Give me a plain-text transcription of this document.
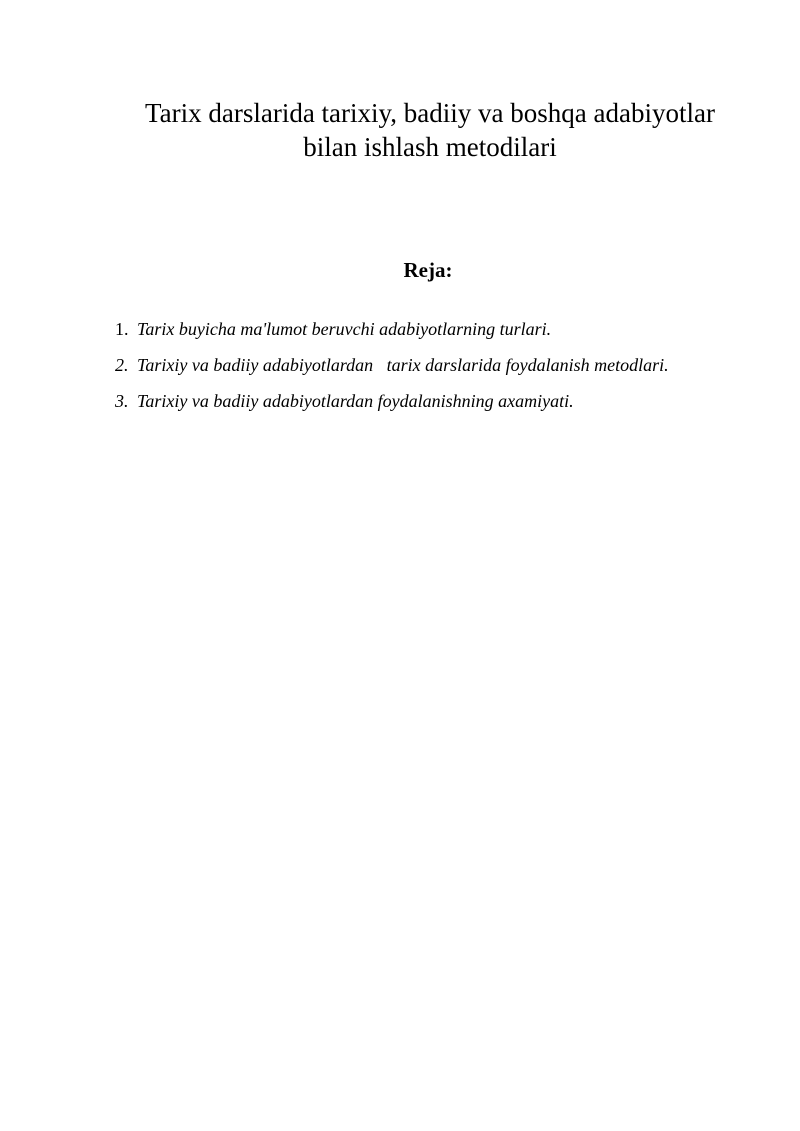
Tarix darslarida tarixiy, badiiy va boshqa adabiyotlar
bilan ishlash metodilari
Reja:
1. Tarix buyicha ma'lumot beruvchi adabiyotlarning turlari.
2. Tarixiy va badiiy adabiyotlardan   tarix darslarida foydalanish metodlari.
3. Tarixiy va badiiy adabiyotlardan foydalanishning axamiyati.
